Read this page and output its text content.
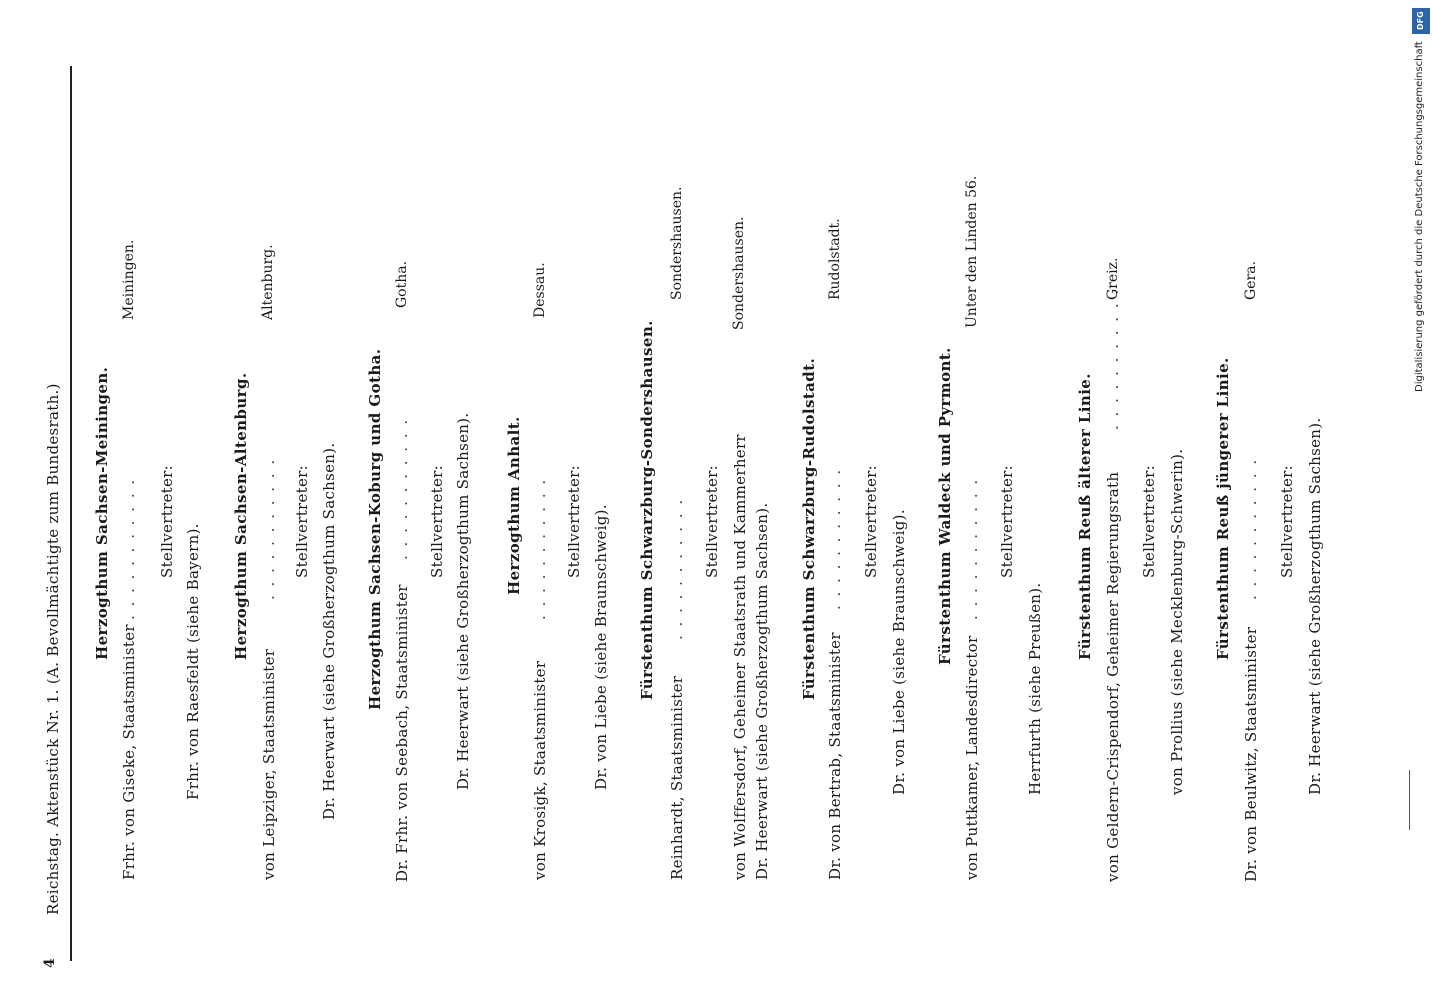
4
Reichstag. Aktenstück Nr. 1. (A. Bevollmächtigte zum Bundesrath.) Herzogthum Sachsen-Meiningen.
Frhr. von Giseke, Staatsminister
. . . . . . . . . . .
Meiningen.
Stellvertreter:
Frhr. von Raesfeldt (siehe Bayern).
Herzogthum Sachsen-Altenburg.
von Leipziger, Staatsminister
. . . . . . . . . . .
Altenburg.
Stellvertreter: Dr. Heerwart (siehe Großherzogthum Sachsen). Herzogthum Sachsen-Koburg und Gotha.
Dr. Frhr. von Seebach, Staatsminister
. . . . . . . . . . .
Gotha.
Stellvertreter: Dr. Heerwart (siehe Großherzogthum Sachsen). Herzogthum Anhalt.
von Krosigk, Staatsminister
. . . . . . . . . . .
Dessau.
Stellvertreter: Dr. von Liebe (siehe Braunschweig). Fürstenthum Schwarzburg-Sondershausen.
Reinhardt, Staatsminister
. . . . . . . . . . .
Sondershausen.
Stellvertreter: von Wolffersdorf, Geheimer Staatsrath und Kammerherr
Sondershausen.
Dr. Heerwart (siehe Großherzogthum Sachsen). Fürstenthum Schwarzburg-Rudolstadt.
Dr. von Bertrab, Staatsminister
. . . . . . . . . . .
Rudolstadt.
Stellvertreter: Dr. von Liebe (siehe Braunschweig). Fürstenthum Waldeck und Pyrmont.
von Puttkamer, Landesdirector
. . . . . . . . . . .
Unter den Linden 56.
Stellvertreter:
Herrfurth (siehe Preußen).
Fürstenthum Reuß älterer Linie. von Geldern-Crispendorf, Geheimer Regierungsrath
. . . . . . . . . . .
Greiz.
Stellvertreter: von Prollius (siehe Mecklenburg-Schwerin). Fürstenthum Reuß jüngerer Linie.
Dr. von Beulwitz, Staatsminister
. . . . . . . . . . .
Gera.
Stellvertreter: Dr. Heerwart (siehe Großherzogthum Sachsen).
DFG
Digitalisierung gefördert durch die Deutsche Forschungsgemeinschaft
